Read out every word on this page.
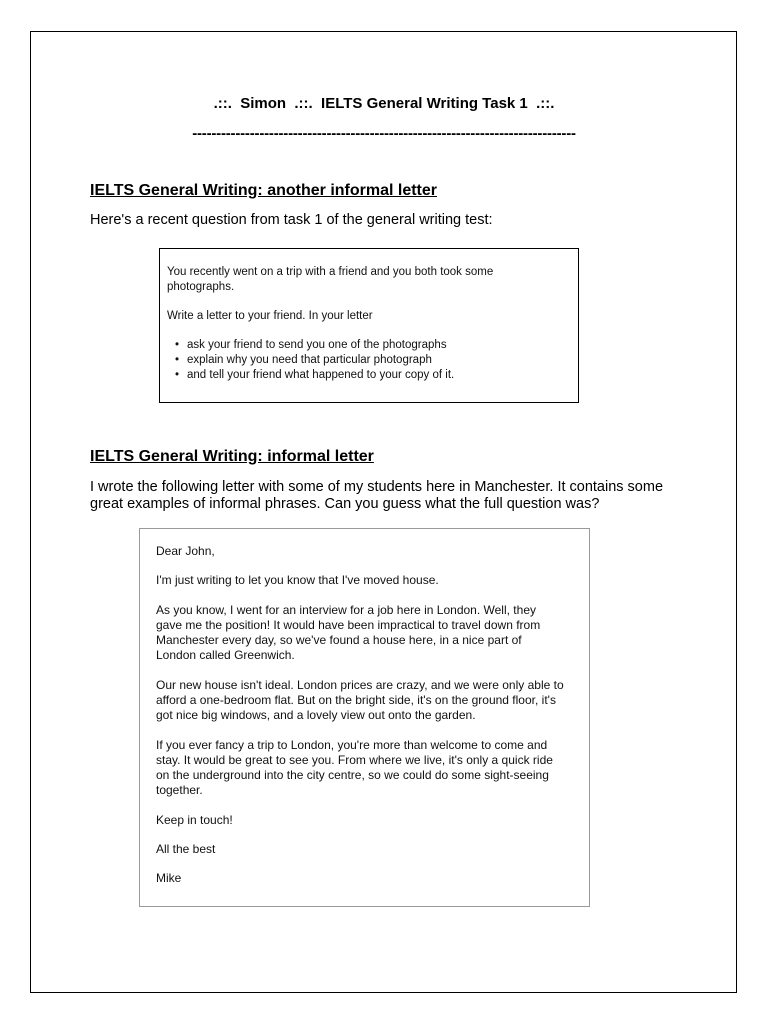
.::.  Simon  .::.  IELTS General Writing Task 1  .::.
--------------------------------------------------------------------------------
IELTS General Writing: another informal letter
Here's a recent question from task 1 of the general writing test:

You recently went on a trip with a friend and you both took some photographs.

Write a letter to your friend. In your letter

• ask your friend to send you one of the photographs
• explain why you need that particular photograph
• and tell your friend what happened to your copy of it.
IELTS General Writing: informal letter
I wrote the following letter with some of my students here in Manchester. It contains some great examples of informal phrases. Can you guess what the full question was?

Dear John,

I'm just writing to let you know that I've moved house.

As you know, I went for an interview for a job here in London. Well, they gave me the position! It would have been impractical to travel down from Manchester every day, so we've found a house here, in a nice part of London called Greenwich.

Our new house isn't ideal. London prices are crazy, and we were only able to afford a one-bedroom flat. But on the bright side, it's on the ground floor, it's got nice big windows, and a lovely view out onto the garden.

If you ever fancy a trip to London, you're more than welcome to come and stay. It would be great to see you. From where we live, it's only a quick ride on the underground into the city centre, so we could do some sight-seeing together.

Keep in touch!

All the best

Mike
